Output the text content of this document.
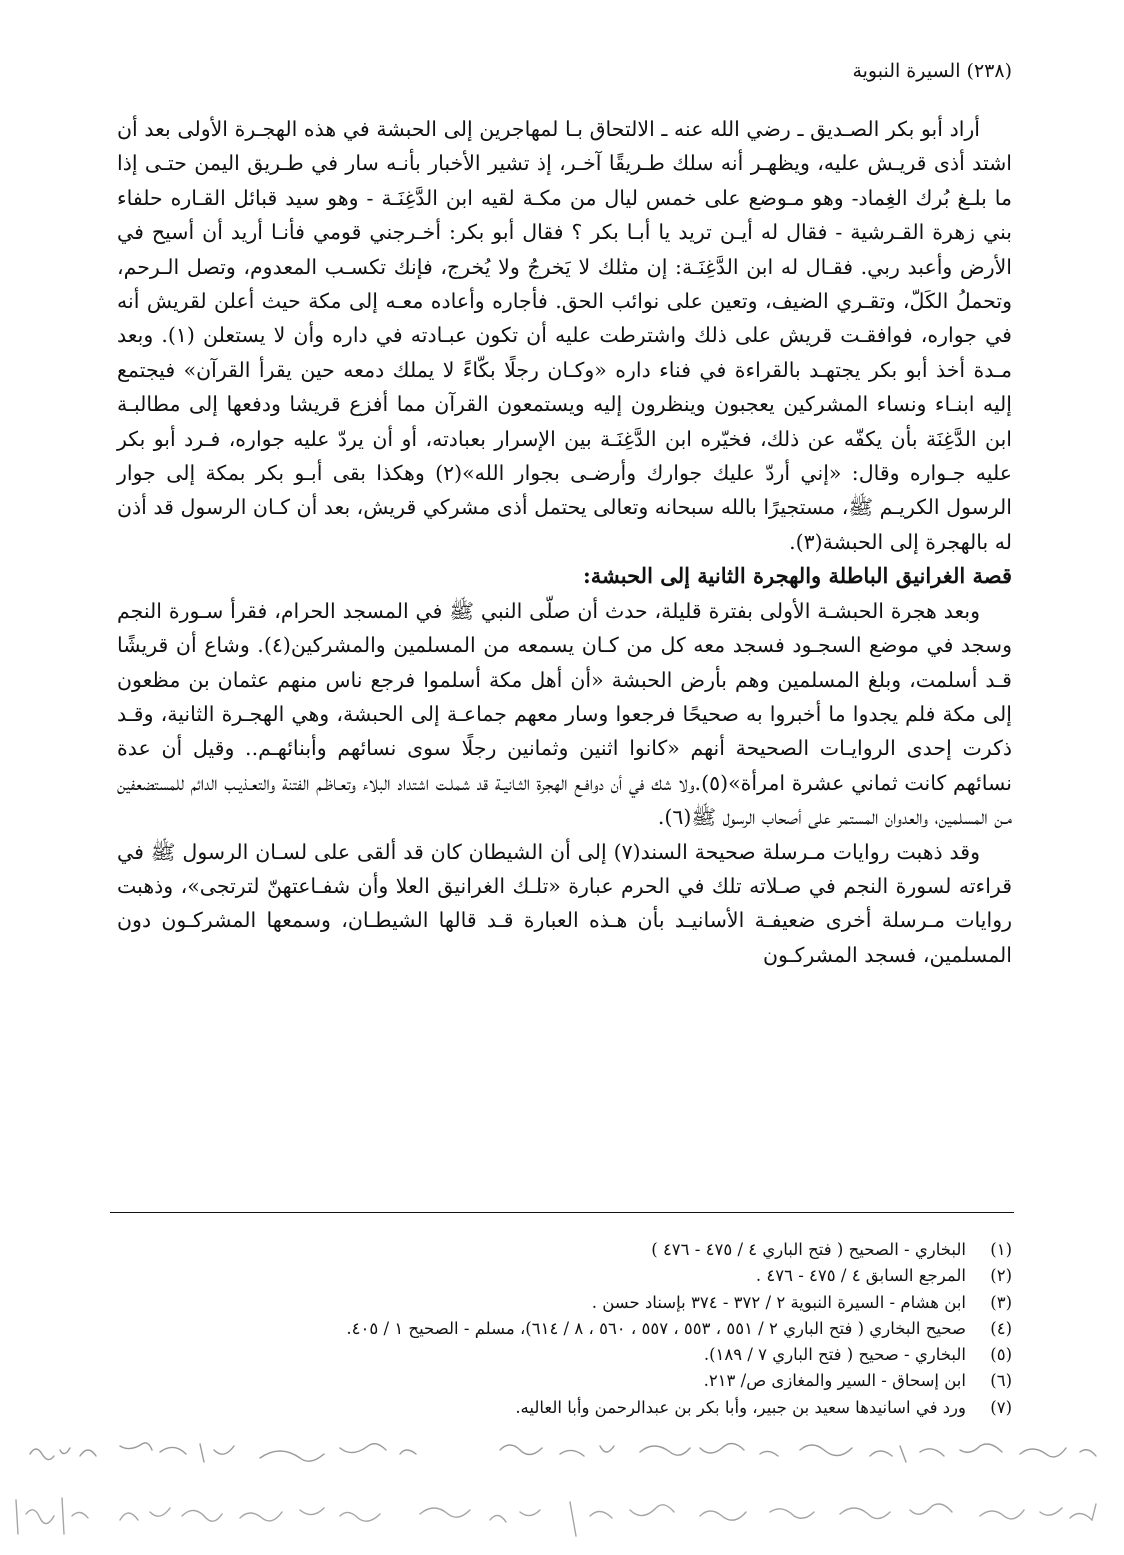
(٢٣٨) السيرة النبوية

أراد أبو بكر الصـديق ـ رضي الله عنه ـ الالتحاق بـا لمهاجرين إلى الحبشة في هذه الهجـرة الأولى بعد أن اشتد أذى قريـش عليه، ويظهـر أنه سلك طـريقًا آخـر، إذ تشير الأخبار بأنـه سار في طـريق اليمن حتـى إذا ما بلـغ بُرك الغِماد- وهو مـوضع على خمس ليال من مكـة لقيه ابن الدَّغِنَـة - وهو سيد قبائل القـاره حلفاء بني زهرة القـرشية - فقال له أيـن تريد يا أبـا بكر ؟ فقال أبو بكر: أخـرجني قومي فأنـا أريد أن أسيح في الأرض وأعبد ربي. فقـال له ابن الدَّغِنَـة: إن مثلك لا يَخرجُ ولا يُخرج، فإنك تكسـب المعدوم، وتصل الـرحم، وتحملُ الكَلّ، وتقـري الضيف، وتعين على نوائب الحق. فأجاره وأعاده معـه إلى مكة حيث أعلن لقريش أنه في جواره، فوافقـت قريش على ذلك واشترطت عليه أن تكون عبـادته في داره وأن لا يستعلن (١). وبعد مـدة أخذ أبو بكر يجتهـد بالقراءة في فناء داره «وكـان رجلًا بكّاءً لا يملك دمعه حين يقرأ القرآن» فيجتمع إليه ابنـاء ونساء المشركين يعجبون وينظرون إليه ويستمعون القرآن مما أفزع قريشا ودفعها إلى مطالبـة ابن الدَّغِنَة بأن يكفّه عن ذلك، فخيّره ابن الدَّغِنَـة بين الإسرار بعبادته، أو أن يردّ عليه جواره، فـرد أبو بكر عليه جـواره وقال: «إني أردّ عليك جوارك وأرضـى بجوار الله»(٢) وهكذا بقى أبـو بكر بمكة إلى جوار الرسول الكريـم ﷺ، مستجيرًا بالله سبحانه وتعالى يحتمل أذى مشركي قريش، بعد أن كـان الرسول قد أذن له بالهجرة إلى الحبشة(٣).

قصة الغرانيق الباطلة والهجرة الثانية إلى الحبشة:

وبعد هجرة الحبشـة الأولى بفترة قليلة، حدث أن صلّى النبي ﷺ في المسجد الحرام، فقرأ سـورة النجم وسجد في موضع السجـود فسجد معه كل من كـان يسمعه من المسلمين والمشركين(٤). وشاع أن قريشًا قـد أسلمت، وبلغ المسلمين وهم بأرض الحبشة «أن أهل مكة أسلموا فرجع ناس منهم عثمان بن مظعون إلى مكة فلم يجدوا ما أخبروا به صحيحًا فرجعوا وسار معهم جماعـة إلى الحبشة، وهي الهجـرة الثانية، وقـد ذكرت إحدى الروايـات الصحيحة أنهم «كانوا اثنين وثمانين رجلًا سوى نسائهم وأبنائهـم.. وقيل أن عدة نسائهم كانت ثماني عشرة امرأة»(٥).ولا شك في أن دوافـع الهجرة الثـانيـة قد شملـت اشتداد البلاء وتعـاظـم الفتنة والتعـذيـب الدائم للمستضعفين مـن المسلمين، والعدوان المستمر على أصحاب الرسول ﷺ(٦).

وقد ذهبت روايات مـرسلة صحيحة السند(٧) إلى أن الشيطان كان قد ألقى على لسـان الرسول ﷺ في قراءته لسورة النجم في صـلاته تلك في الحرم عبارة «تلـك الغرانيق العلا وأن شفـاعتهنّ لترتجى»، وذهبت روايات مـرسلة أخرى ضعيفـة الأسانيـد بأن هـذه العبارة قـد قالها الشيطـان، وسمعها المشركـون دون المسلمين، فسجد المشركـون

(١)
البخاري - الصحيح ( فتح الباري ٤ / ٤٧٥ - ٤٧٦ )
(٢)
المرجع السابق ٤ / ٤٧٥ - ٤٧٦ .
(٣)
ابن هشام - السيرة النبوية ٢ / ٣٧٢ - ٣٧٤ بإسناد حسن .
(٤)
صحيح البخاري ( فتح الباري ٢ / ٥٥١ ، ٥٥٣ ، ٥٥٧ ، ٥٦٠ ، ٨ / ٦١٤)، مسلم - الصحيح ١ / ٤٠٥.
(٥)
البخاري - صحيح ( فتح الباري ٧ / ١٨٩).
(٦)
ابن إسحاق - السير والمغازى ص/ ٢١٣.
(٧)
ورد في اسانيدها سعيد بن جبير، وأبا بكر بن عبدالرحمن وأبا العاليه.
